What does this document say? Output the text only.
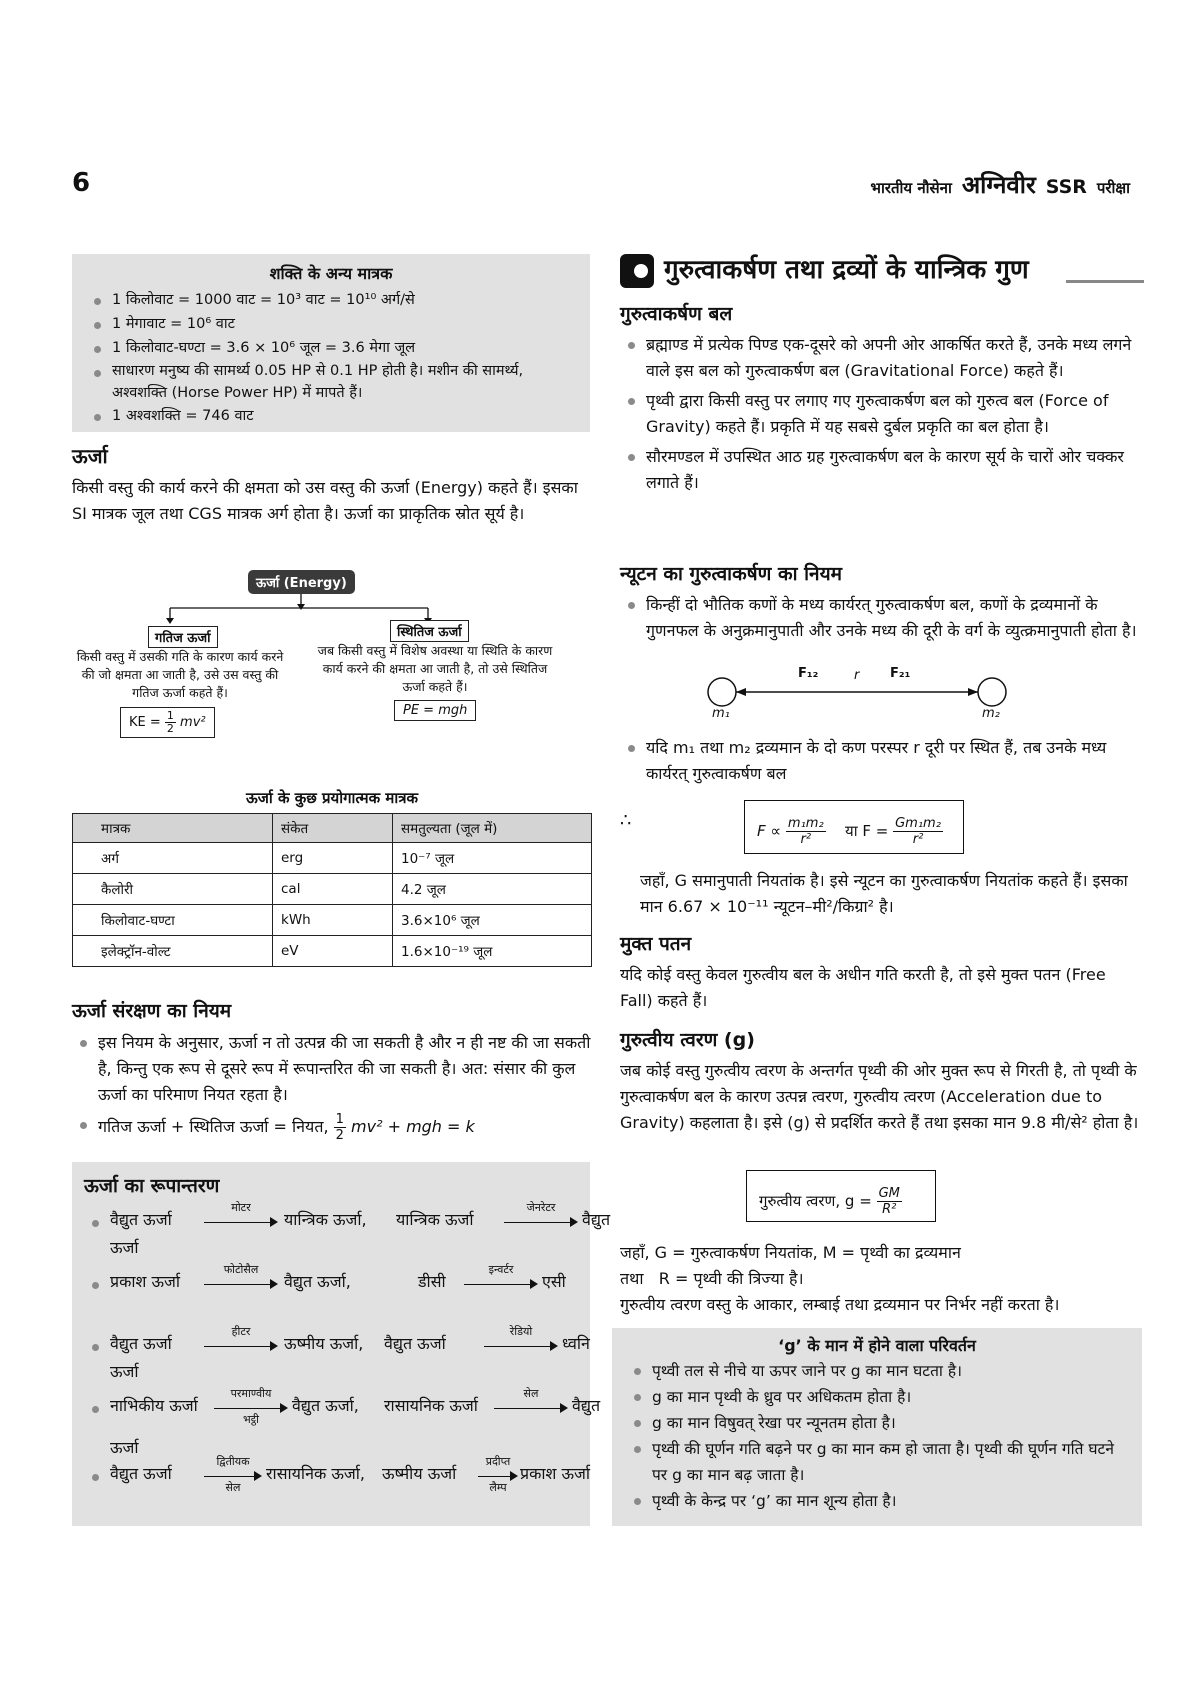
6	भारतीय नौसेना अग्निवीर SSR परीक्षा
शक्ति के अन्य मात्रक
1 किलोवाट = 1000 वाट = 10³ वाट = 10¹⁰ अर्ग/से
1 मेगावाट = 10⁶ वाट
1 किलोवाट-घण्टा = 3.6 × 10⁶ जूल = 3.6 मेगा जूल
साधारण मनुष्य की सामर्थ्य 0.05 HP से 0.1 HP होती है। मशीन की सामर्थ्य, अश्वशक्ति (Horse Power HP) में मापते हैं।
1 अश्वशक्ति = 746 वाट
ऊर्जा
किसी वस्तु की कार्य करने की क्षमता को उस वस्तु की ऊर्जा (Energy) कहते हैं। इसका SI मात्रक जूल तथा CGS मात्रक अर्ग होता है। ऊर्जा का प्राकृतिक स्रोत सूर्य है।
ऊर्जा (Energy)
गतिज ऊर्जा
किसी वस्तु में उसकी गति के कारण कार्य करने की जो क्षमता आ जाती है, उसे उस वस्तु की गतिज ऊर्जा कहते हैं।
KE = $\frac{1}{2} mv^2$
स्थितिज ऊर्जा
जब किसी वस्तु में विशेष अवस्था या स्थिति के कारण कार्य करने की क्षमता आ जाती है, तो उसे स्थितिज ऊर्जा कहते हैं।
PE = mgh
ऊर्जा के कुछ प्रयोगात्मक मात्रक
मात्रक	संकेत	समतुल्यता (जूल में)
अर्ग	erg	10⁻⁷ जूल
कैलोरी	cal	4.2 जूल
किलोवाट-घण्टा	kWh	3.6×10⁶ जूल
इलेक्ट्रॉन-वोल्ट	eV	1.6×10⁻¹⁹ जूल
ऊर्जा संरक्षण का नियम
इस नियम के अनुसार, ऊर्जा न तो उत्पन्न की जा सकती है और न ही नष्ट की जा सकती है, किन्तु एक रूप से दूसरे रूप में रूपान्तरित की जा सकती है। अत: संसार की कुल ऊर्जा का परिमाण नियत रहता है।
गतिज ऊर्जा + स्थितिज ऊर्जा = नियत, $\frac{1}{2} mv^2$ + mgh = k
ऊर्जा का रूपान्तरण
वैद्युत ऊर्जा
मोटर
यान्त्रिक ऊर्जा, यान्त्रिक ऊर्जा
जेनरेटर
वैद्युत
ऊर्जा
प्रकाश ऊर्जा
फोटोसैल
वैद्युत ऊर्जा,	डीसी
इन्वर्टर
एसी
वैद्युत ऊर्जा
हीटर
ऊष्मीय ऊर्जा, वैद्युत ऊर्जा
रेडियो
ध्वनि
ऊर्जा
नाभिकीय ऊर्जा
परमाण्वीय
भट्ठी
वैद्युत ऊर्जा, रासायनिक ऊर्जा
सेल
वैद्युत
ऊर्जा
वैद्युत ऊर्जा
द्वितीयक
सेल
रासायनिक ऊर्जा, ऊष्मीय ऊर्जा
प्रदीप्त
लैम्प
प्रकाश ऊर्जा
गुरुत्वाकर्षण तथा द्रव्यों के यान्त्रिक गुण
गुरुत्वाकर्षण बल
ब्रह्माण्ड में प्रत्येक पिण्ड एक-दूसरे को अपनी ओर आकर्षित करते हैं, उनके मध्य लगने वाले इस बल को गुरुत्वाकर्षण बल (Gravitational Force) कहते हैं।
पृथ्वी द्वारा किसी वस्तु पर लगाए गए गुरुत्वाकर्षण बल को गुरुत्व बल (Force of Gravity) कहते हैं। प्रकृति में यह सबसे दुर्बल प्रकृति का बल होता है।
सौरमण्डल में उपस्थित आठ ग्रह गुरुत्वाकर्षण बल के कारण सूर्य के चारों ओर चक्कर लगाते हैं।
न्यूटन का गुरुत्वाकर्षण का नियम
किन्हीं दो भौतिक कणों के मध्य कार्यरत् गुरुत्वाकर्षण बल, कणों के द्रव्यमानों के गुणनफल के अनुक्रमानुपाती और उनके मध्य की दूरी के वर्ग के व्युत्क्रमानुपाती होता है।
F₁₂	r F₂₁
m₁	m₂
यदि m₁ तथा m₂ द्रव्यमान के दो कण परस्पर r दूरी पर स्थित हैं, तब उनके मध्य कार्यरत् गुरुत्वाकर्षण बल
∴	$F \propto \frac{\text{m₁m₂}}{\text{r²}}$ या $F = \frac{\text{Gm₁m₂}}{\text{r²}}$
जहाँ, G समानुपाती नियतांक है। इसे न्यूटन का गुरुत्वाकर्षण नियतांक कहते हैं। इसका मान 6.67 × 10⁻¹¹ न्यूटन–मी²/किग्रा² है।
मुक्त पतन
यदि कोई वस्तु केवल गुरुत्वीय बल के अधीन गति करती है, तो इसे मुक्त पतन (Free Fall) कहते हैं।
गुरुत्वीय त्वरण (g)
जब कोई वस्तु गुरुत्वीय त्वरण के अन्तर्गत पृथ्वी की ओर मुक्त रूप से गिरती है, तो पृथ्वी के गुरुत्वाकर्षण बल के कारण उत्पन्न त्वरण, गुरुत्वीय त्वरण (Acceleration due to Gravity) कहलाता है। इसे (g) से प्रदर्शित करते हैं तथा इसका मान 9.8 मी/से² होता है।
गुरुत्वीय त्वरण, $g = \frac{GM}{\text{R²}}$
जहाँ, G = गुरुत्वाकर्षण नियतांक, M = पृथ्वी का द्रव्यमान
तथा   R = पृथ्वी की त्रिज्या है।
गुरुत्वीय त्वरण वस्तु के आकार, लम्बाई तथा द्रव्यमान पर निर्भर नहीं करता है।
‘g’ के मान में होने वाला परिवर्तन
पृथ्वी तल से नीचे या ऊपर जाने पर g का मान घटता है।
g का मान पृथ्वी के ध्रुव पर अधिकतम होता है।
g का मान विषुवत् रेखा पर न्यूनतम होता है।
पृथ्वी की घूर्णन गति बढ़ने पर g का मान कम हो जाता है। पृथ्वी की घूर्णन गति घटने पर g का मान बढ़ जाता है।
पृथ्वी के केन्द्र पर ‘g’ का मान शून्य होता है।
